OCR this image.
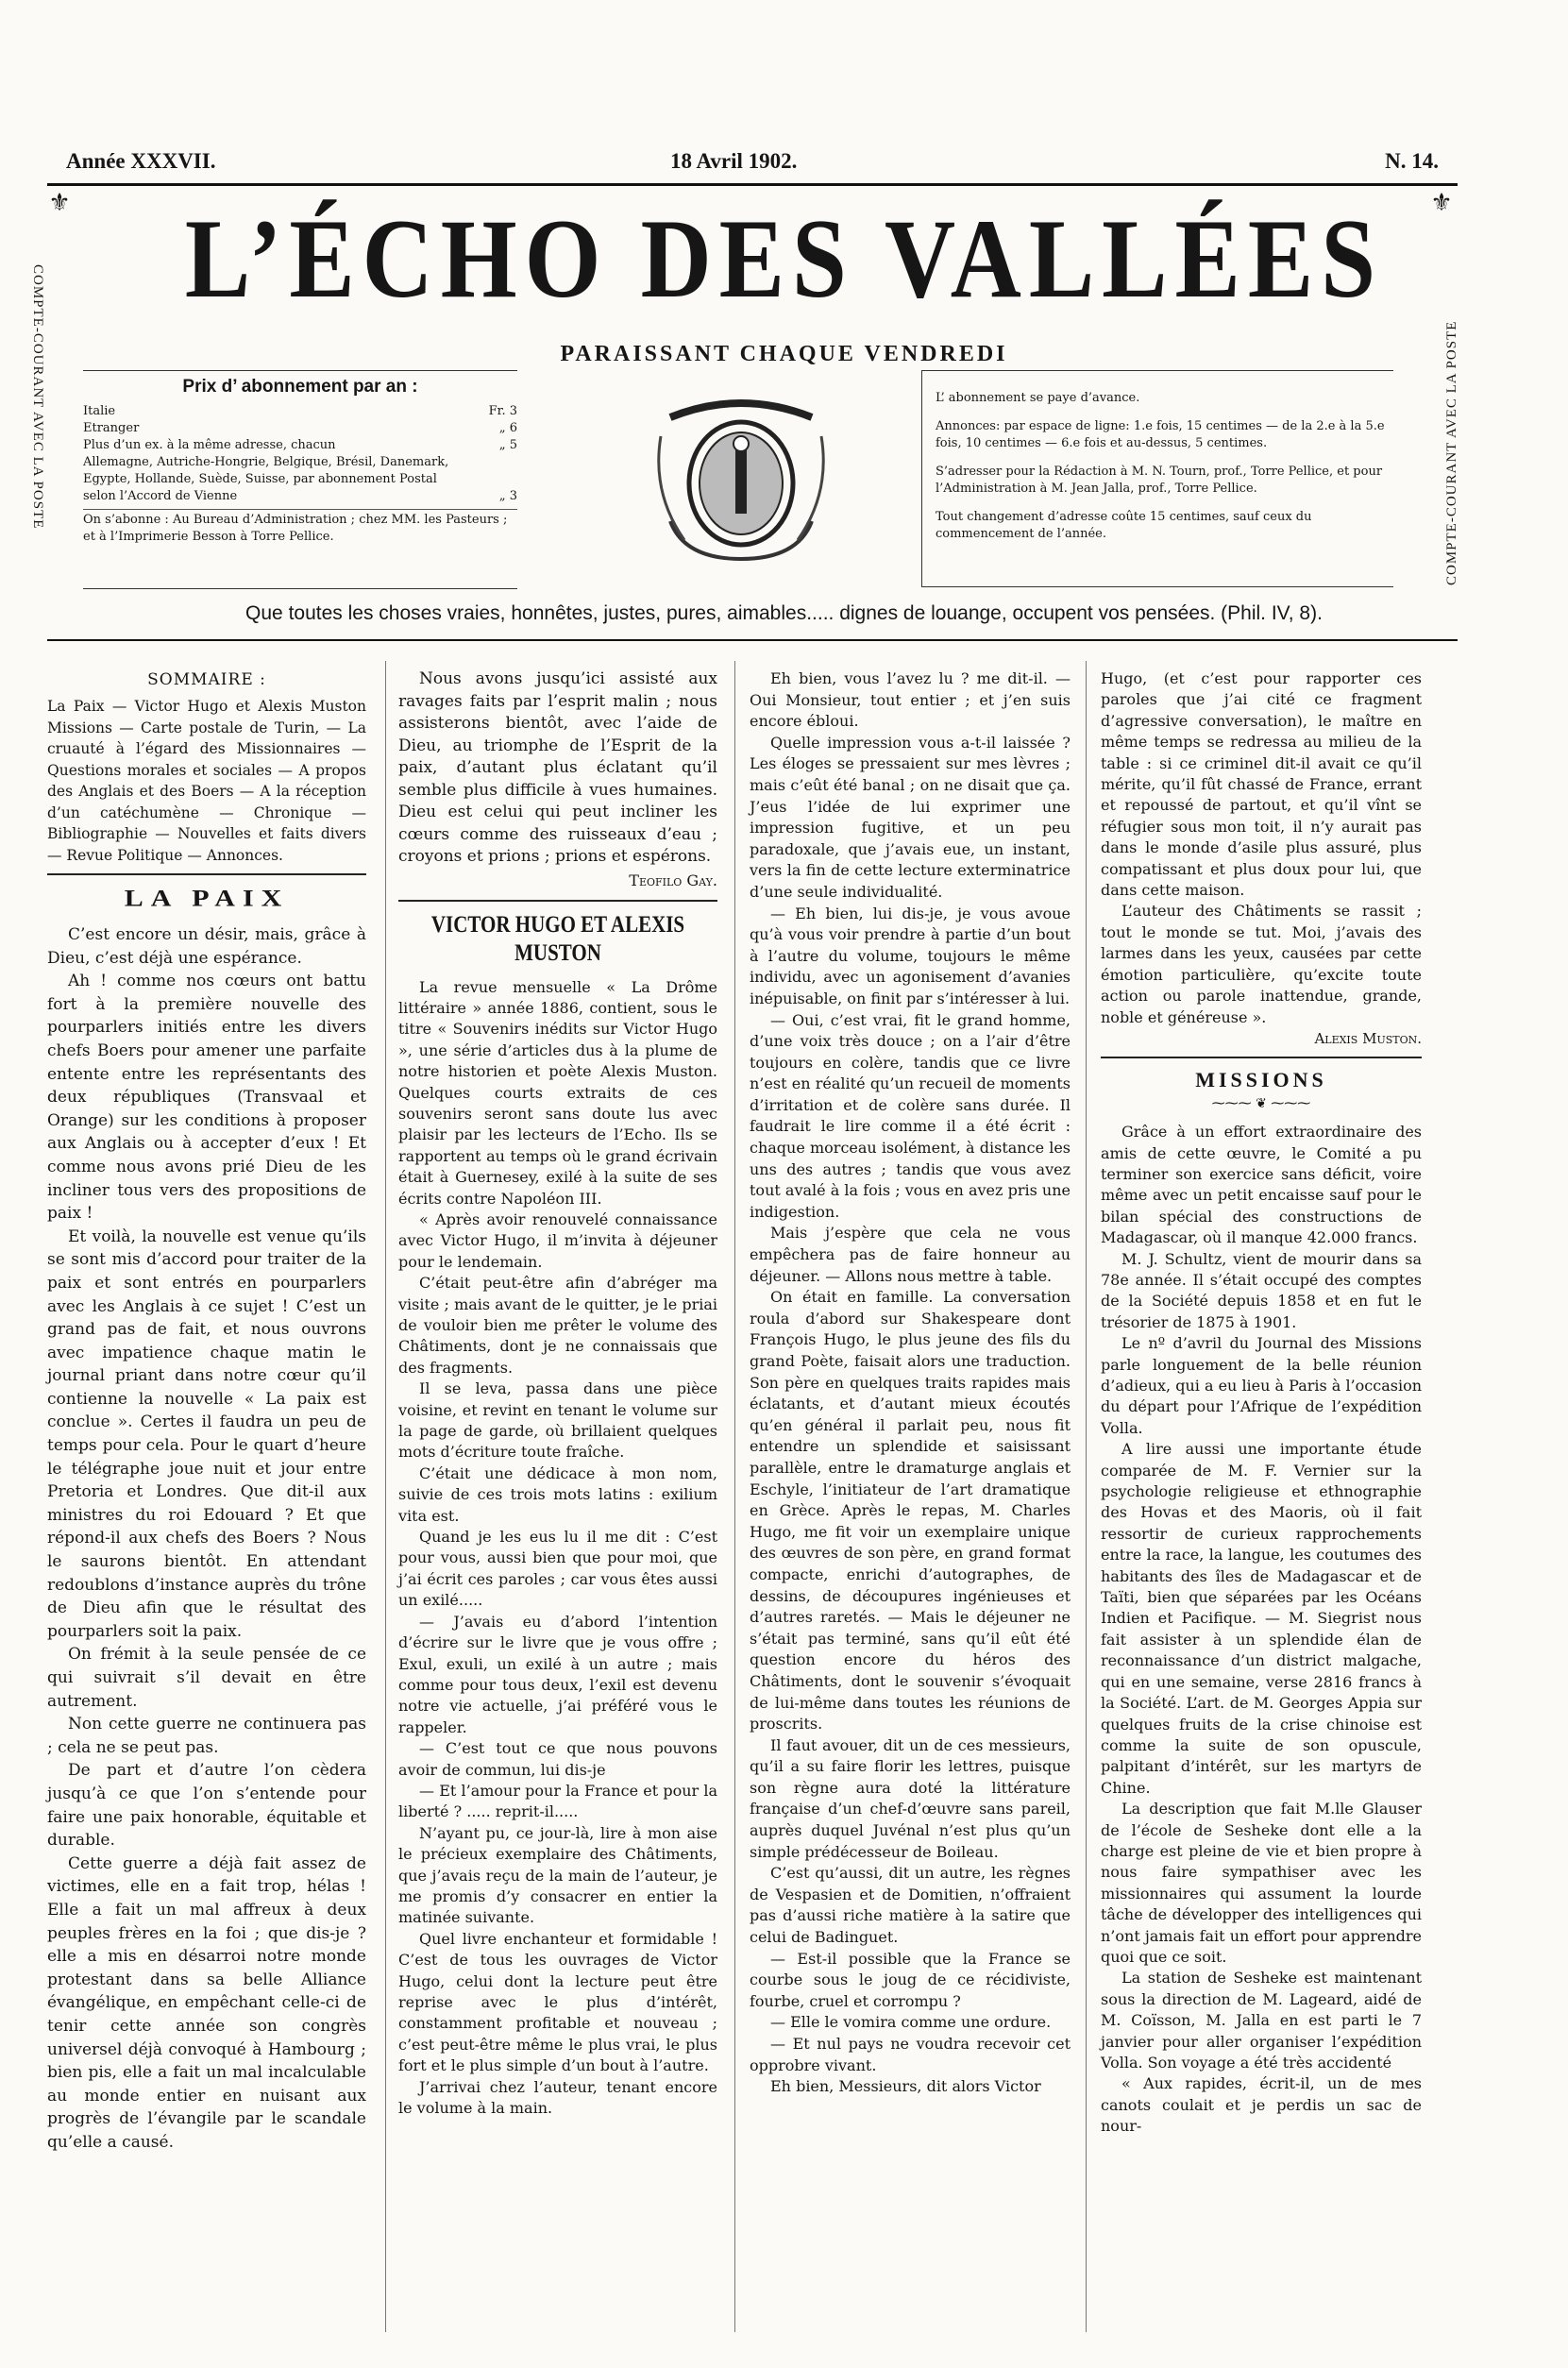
Année XXXVII.	18 Avril 1902.	N. 14.
COMPTE-COURANT AVEC LA POSTE	COMPTE-COURANT AVEC LA POSTE
⚜	⚜
L’ÉCHO DES VALLÉES
PARAISSANT CHAQUE VENDREDI
Prix d’ abonnement par an :
Italie	Fr. 3
Etranger	„ 6
Plus d’un ex. à la même adresse, chacun	„ 5
Allemagne, Autriche-Hongrie, Belgique, Brésil, Danemark, Egypte, Hollande, Suède, Suisse, par abonnement Postal selon l’Accord de Vienne	„ 3
On s’abonne : Au Bureau d’Administration ; chez MM. les Pasteurs ; et à l’Imprimerie Besson à Torre Pellice.
L’ abonnement se paye d’avance.
Annonces: par espace de ligne: 1.e fois, 15 centimes — de la 2.e à la 5.e fois, 10 centimes — 6.e fois et au-dessus, 5 centimes.
S’adresser pour la Rédaction à M. N. Tourn, prof., Torre Pellice, et pour l’Administration à M. Jean Jalla, prof., Torre Pellice.
Tout changement d’adresse coûte 15 centimes, sauf ceux du commencement de l’année.
Que toutes les choses vraies, honnêtes, justes, pures, aimables..... dignes de louange, occupent vos pensées. (Phil. IV, 8).
SOMMAIRE :

La Paix — Victor Hugo et Alexis Muston Missions — Carte postale de Turin, — La cruauté à l’égard des Missionnaires — Questions morales et sociales — A propos des Anglais et des Boers — A la réception d’un catéchumène — Chronique — Bibliographie — Nouvelles et faits divers — Revue Politique — Annonces.

LA PAIX

C’est encore un désir, mais, grâce à Dieu, c’est déjà une espérance.

Ah ! comme nos cœurs ont battu fort à la première nouvelle des pourparlers initiés entre les divers chefs Boers pour amener une parfaite entente entre les représentants des deux républiques (Transvaal et Orange) sur les conditions à proposer aux Anglais ou à accepter d’eux ! Et comme nous avons prié Dieu de les incliner tous vers des propositions de paix !

Et voilà, la nouvelle est venue qu’ils se sont mis d’accord pour traiter de la paix et sont entrés en pourparlers avec les Anglais à ce sujet ! C’est un grand pas de fait, et nous ouvrons avec impatience chaque matin le journal priant dans notre cœur qu’il contienne la nouvelle « La paix est conclue ». Certes il faudra un peu de temps pour cela. Pour le quart d’heure le télégraphe joue nuit et jour entre Pretoria et Londres. Que dit-il aux ministres du roi Edouard ? Et que répond-il aux chefs des Boers ? Nous le saurons bientôt. En attendant redoublons d’instance auprès du trône de Dieu afin que le résultat des pourparlers soit la paix.

On frémit à la seule pensée de ce qui suivrait s’il devait en être autrement.

Non cette guerre ne continuera pas ; cela ne se peut pas.

De part et d’autre l’on cèdera jusqu’à ce que l’on s’entende pour faire une paix honorable, équitable et durable.

Cette guerre a déjà fait assez de victimes, elle en a fait trop, hélas ! Elle a fait un mal affreux à deux peuples frères en la foi ; que dis-je ? elle a mis en désarroi notre monde protestant dans sa belle Alliance évangélique, en empêchant celle-ci de tenir cette année son congrès universel déjà convoqué à Hambourg ; bien pis, elle a fait un mal incalculable au monde entier en nuisant aux progrès de l’évangile par le scandale qu’elle a causé.

Nous avons jusqu’ici assisté aux ravages faits par l’esprit malin ; nous assisterons bientôt, avec l’aide de Dieu, au triomphe de l’Esprit de la paix, d’autant plus éclatant qu’il semble plus difficile à vues humaines. Dieu est celui qui peut incliner les cœurs comme des ruisseaux d’eau ; croyons et prions ; prions et espérons.

Teofilo Gay.
VICTOR HUGO ET ALEXIS MUSTON

La revue mensuelle « La Drôme littéraire » année 1886, contient, sous le titre « Souvenirs inédits sur Victor Hugo », une série d’articles dus à la plume de notre historien et poète Alexis Muston. Quelques courts extraits de ces souvenirs seront sans doute lus avec plaisir par les lecteurs de l’Echo. Ils se rapportent au temps où le grand écrivain était à Guernesey, exilé à la suite de ses écrits contre Napoléon III.

« Après avoir renouvelé connaissance avec Victor Hugo, il m’invita à déjeuner pour le lendemain.

C’était peut-être afin d’abréger ma visite ; mais avant de le quitter, je le priai de vouloir bien me prêter le volume des Châtiments, dont je ne connaissais que des fragments.

Il se leva, passa dans une pièce voisine, et revint en tenant le volume sur la page de garde, où brillaient quelques mots d’écriture toute fraîche.

C’était une dédicace à mon nom, suivie de ces trois mots latins : exilium vita est.

Quand je les eus lu il me dit : C’est pour vous, aussi bien que pour moi, que j’ai écrit ces paroles ; car vous êtes aussi un exilé.....

— J’avais eu d’abord l’intention d’écrire sur le livre que je vous offre ; Exul, exuli, un exilé à un autre ; mais comme pour tous deux, l’exil est devenu notre vie actuelle, j’ai préféré vous le rappeler.

— C’est tout ce que nous pouvons avoir de commun, lui dis-je

— Et l’amour pour la France et pour la liberté ? ..... reprit-il.....

N’ayant pu, ce jour-là, lire à mon aise le précieux exemplaire des Châtiments, que j’avais reçu de la main de l’auteur, je me promis d’y consacrer en entier la matinée suivante.

Quel livre enchanteur et formidable ! C’est de tous les ouvrages de Victor Hugo, celui dont la lecture peut être reprise avec le plus d’intérêt, constamment profitable et nouveau ; c’est peut-être même le plus vrai, le plus fort et le plus simple d’un bout à l’autre.

J’arrivai chez l’auteur, tenant encore le volume à la main.

Eh bien, vous l’avez lu ? me dit-il. — Oui Monsieur, tout entier ; et j’en suis encore ébloui.

Quelle impression vous a-t-il laissée ? Les éloges se pressaient sur mes lèvres ; mais c’eût été banal ; on ne disait que ça. J’eus l’idée de lui exprimer une impression fugitive, et un peu paradoxale, que j’avais eue, un instant, vers la fin de cette lecture exterminatrice d’une seule individualité.

— Eh bien, lui dis-je, je vous avoue qu’à vous voir prendre à partie d’un bout à l’autre du volume, toujours le même individu, avec un agonisement d’avanies inépuisable, on finit par s’intéresser à lui.

— Oui, c’est vrai, fit le grand homme, d’une voix très douce ; on a l’air d’être toujours en colère, tandis que ce livre n’est en réalité qu’un recueil de moments d’irritation et de colère sans durée. Il faudrait le lire comme il a été écrit : chaque morceau isolément, à distance les uns des autres ; tandis que vous avez tout avalé à la fois ; vous en avez pris une indigestion.

Mais j’espère que cela ne vous empêchera pas de faire honneur au déjeuner. — Allons nous mettre à table.

On était en famille. La conversation roula d’abord sur Shakespeare dont François Hugo, le plus jeune des fils du grand Poète, faisait alors une traduction. Son père en quelques traits rapides mais éclatants, et d’autant mieux écoutés qu’en général il parlait peu, nous fit entendre un splendide et saisissant parallèle, entre le dramaturge anglais et Eschyle, l’initiateur de l’art dramatique en Grèce. Après le repas, M. Charles Hugo, me fit voir un exemplaire unique des œuvres de son père, en grand format compacte, enrichi d’autographes, de dessins, de découpures ingénieuses et d’autres raretés. — Mais le déjeuner ne s’était pas terminé, sans qu’il eût été question encore du héros des Châtiments, dont le souvenir s’évoquait de lui-même dans toutes les réunions de proscrits.

Il faut avouer, dit un de ces messieurs, qu’il a su faire florir les lettres, puisque son règne aura doté la littérature française d’un chef-d’œuvre sans pareil, auprès duquel Juvénal n’est plus qu’un simple prédécesseur de Boileau.

C’est qu’aussi, dit un autre, les règnes de Vespasien et de Domitien, n’offraient pas d’aussi riche matière à la satire que celui de Badinguet.

— Est-il possible que la France se courbe sous le joug de ce récidiviste, fourbe, cruel et corrompu ?

— Elle le vomira comme une ordure.

— Et nul pays ne voudra recevoir cet opprobre vivant.

Eh bien, Messieurs, dit alors Victor

Hugo, (et c’est pour rapporter ces paroles que j’ai cité ce fragment d’agressive conversation), le maître en même temps se redressa au milieu de la table : si ce criminel dit-il avait ce qu’il mérite, qu’il fût chassé de France, errant et repoussé de partout, et qu’il vînt se réfugier sous mon toit, il n’y aurait pas dans le monde d’asile plus assuré, plus compatissant et plus doux pour lui, que dans cette maison.

L’auteur des Châtiments se rassit ; tout le monde se tut. Moi, j’avais des larmes dans les yeux, causées par cette émotion particulière, qu’excite toute action ou parole inattendue, grande, noble et généreuse ».

Alexis Muston.
MISSIONS
⁓⁓⁓ ❦ ⁓⁓⁓

Grâce à un effort extraordinaire des amis de cette œuvre, le Comité a pu terminer son exercice sans déficit, voire même avec un petit encaisse sauf pour le bilan spécial des constructions de Madagascar, où il manque 42.000 francs.

M. J. Schultz, vient de mourir dans sa 78e année. Il s’était occupé des comptes de la Société depuis 1858 et en fut le trésorier de 1875 à 1901.

Le nº d’avril du Journal des Missions parle longuement de la belle réunion d’adieux, qui a eu lieu à Paris à l’occasion du départ pour l’Afrique de l’expédition Volla.

A lire aussi une importante étude comparée de M. F. Vernier sur la psychologie religieuse et ethnographie des Hovas et des Maoris, où il fait ressortir de curieux rapprochements entre la race, la langue, les coutumes des habitants des îles de Madagascar et de Taïti, bien que séparées par les Océans Indien et Pacifique. — M. Siegrist nous fait assister à un splendide élan de reconnaissance d’un district malgache, qui en une semaine, verse 2816 francs à la Société. L’art. de M. Georges Appia sur quelques fruits de la crise chinoise est comme la suite de son opuscule, palpitant d’intérêt, sur les martyrs de Chine.

La description que fait M.lle Glauser de l’école de Sesheke dont elle a la charge est pleine de vie et bien propre à nous faire sympathiser avec les missionnaires qui assument la lourde tâche de développer des intelligences qui n’ont jamais fait un effort pour apprendre quoi que ce soit.

La station de Sesheke est maintenant sous la direction de M. Lageard, aidé de M. Coïsson, M. Jalla en est parti le 7 janvier pour aller organiser l’expédition Volla. Son voyage a été très accidenté

« Aux rapides, écrit-il, un de mes canots coulait et je perdis un sac de nour-
